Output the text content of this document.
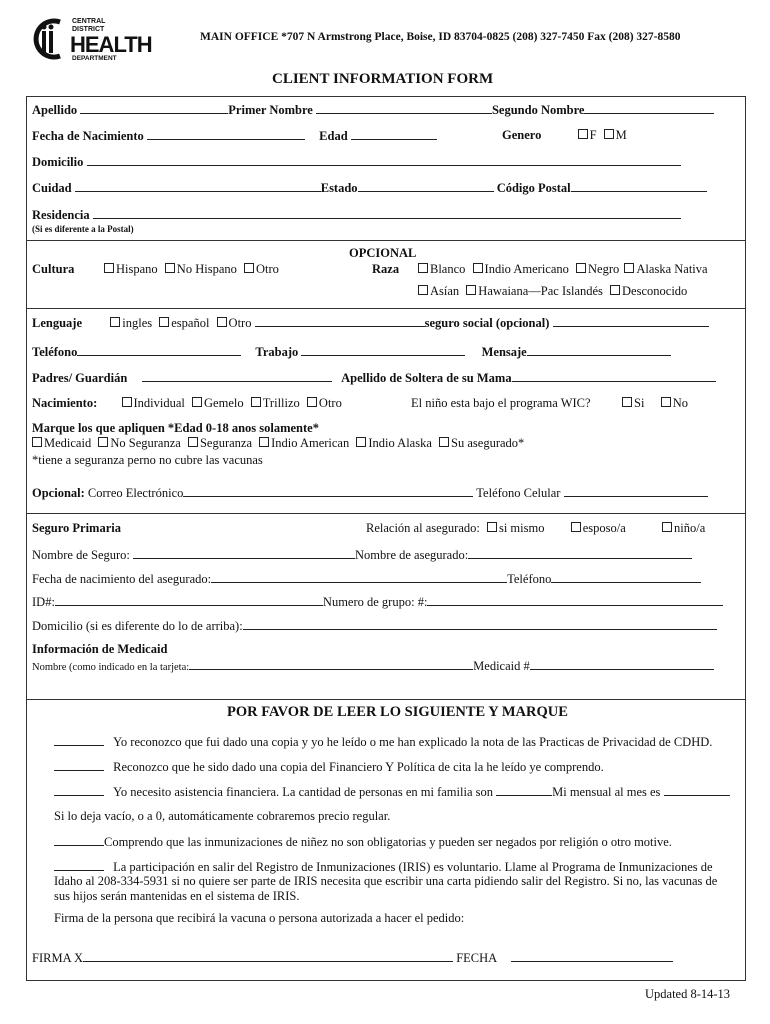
CENTRAL
DISTRICT
HEALTH
DEPARTMENT
MAIN OFFICE *707 N Armstrong Place, Boise, ID 83704-0825 (208) 327-7450 Fax (208) 327-8580
CLIENT INFORMATION FORM
Apellido	Primer Nombre	Segundo Nombre
Fecha de Nacimiento	Edad	Genero	F M
Domicilio
Cuidad	Estado	Código Postal
Residencia
(Si es diferente a la Postal)
OPCIONAL
Cultura	Hispano No Hispano Otro	Raza	Blanco Indio Americano Negro Alaska Nativa
Asían Hawaiana—Pac Islandés Desconocido
Lenguaje	ingles español Otro	seguro social (opcional)
Teléfono	Trabajo	Mensaje
Padres/ Guardián	Apellido de Soltera de su Mama
Nacimiento:	Individual Gemelo Trillizo Otro	El niño esta bajo el programa WIC?	Si No
Marque los que apliquen *Edad 0-18 anos solamente*
Medicaid No Seguranza Seguranza Indio American Indio Alaska Su asegurado*
*tiene a seguranza perno no cubre las vacunas
Opcional: Correo Electrónico	Teléfono Celular
Seguro Primaria	Relación al asegurado: si mismo	esposo/a	niño/a
Nombre de Seguro:	Nombre de asegurado:
Fecha de nacimiento del asegurado:	Teléfono
ID#:	Numero de grupo: #:
Domicilio (si es diferente do lo de arriba):
Información de Medicaid
Nombre (como indicado en la tarjeta:	Medicaid #
POR FAVOR DE LEER LO SIGUIENTE Y MARQUE
Yo reconozco que fui dado una copia y yo he leído o me han explicado la nota de las Practicas de Privacidad de CDHD.
Reconozco que he sido dado una copia del Financiero Y Política de cita la he leído ye comprendo.
Yo necesito asistencia financiera. La cantidad de personas en mi familia son	Mi mensual al mes es
Si lo deja vacío, o a 0, automáticamente cobraremos precio regular.
Comprendo que las inmunizaciones de niñez no son obligatorias y pueden ser negados por religión o otro motive.
La participación en salir del Registro de Inmunizaciones (IRIS) es voluntario. Llame al Programa de Inmunizaciones de
Idaho al 208-334-5931 si no quiere ser parte de IRIS necesita que escribir una carta pidiendo salir del Registro. Si no, las vacunas de
sus hijos serán mantenidas en el sistema de IRIS.
Firma de la persona que recibirá la vacuna o persona autorizada a hacer el pedido:
FIRMA X	FECHA
Updated 8-14-13
